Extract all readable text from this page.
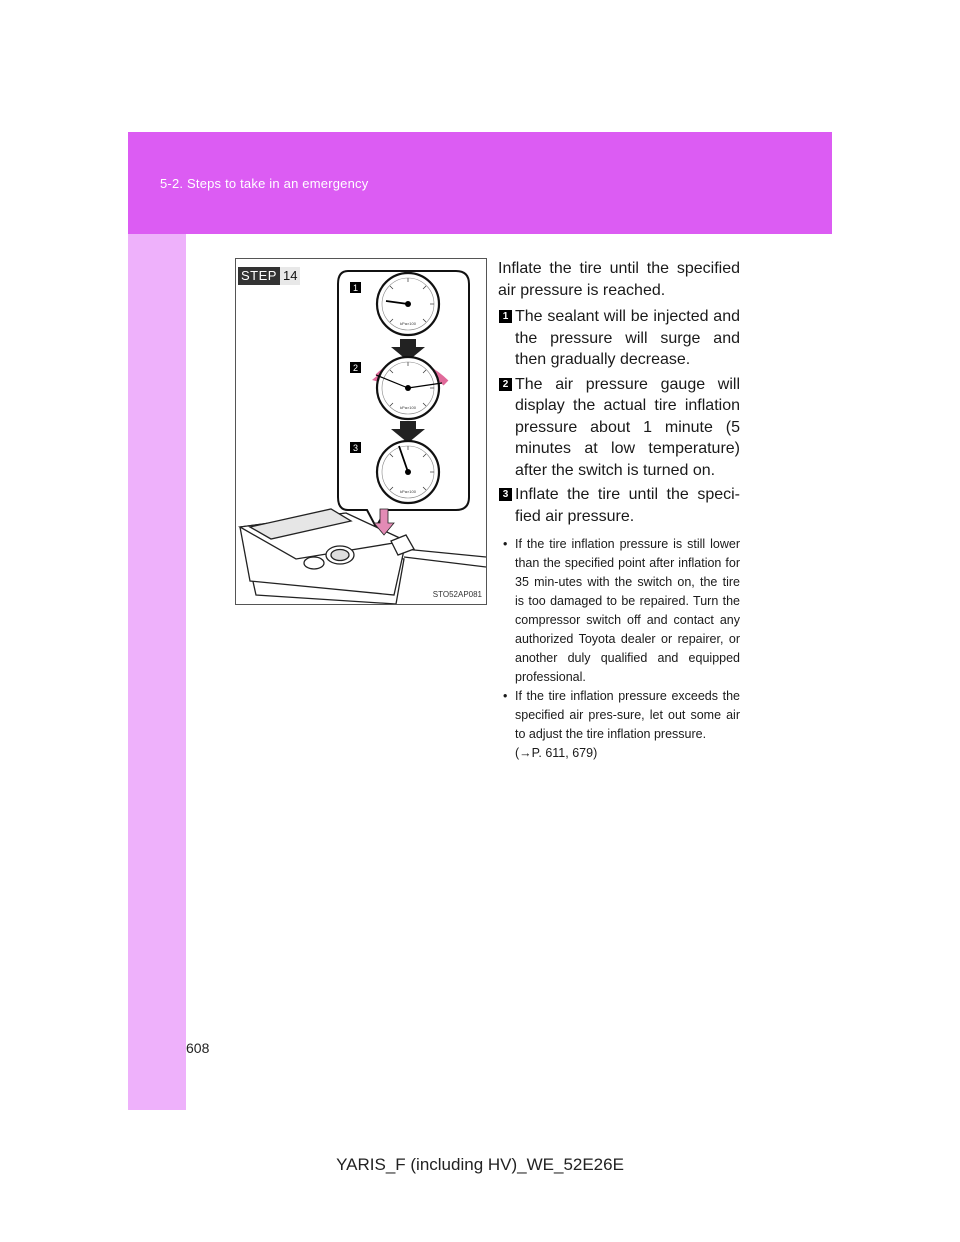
5-2. Steps to take in an emergency
1
2
3
kPa×100
kPa×100
kPa×100
STEP 14
STO52AP081

Inflate the tire until the specified air pressure is reached.

1 The sealant will be injected and the pressure will surge and then gradually decrease.
2 The air pressure gauge will display the actual tire inflation pressure about 1 minute (5 minutes at low temperature) after the switch is turned on.
3 Inflate the tire until the speci-fied air pressure.
• If the tire inflation pressure is still lower than the specified point after inflation for 35 min-utes with the switch on, the tire is too damaged to be repaired. Turn the compressor switch off and contact any authorized Toyota dealer or repairer, or another duly qualified and equipped professional.
• If the tire inflation pressure exceeds the specified air pres-sure, let out some air to adjust the tire inflation pressure.
(→P. 611, 679)
608
YARIS_F (including HV)_WE_52E26E
